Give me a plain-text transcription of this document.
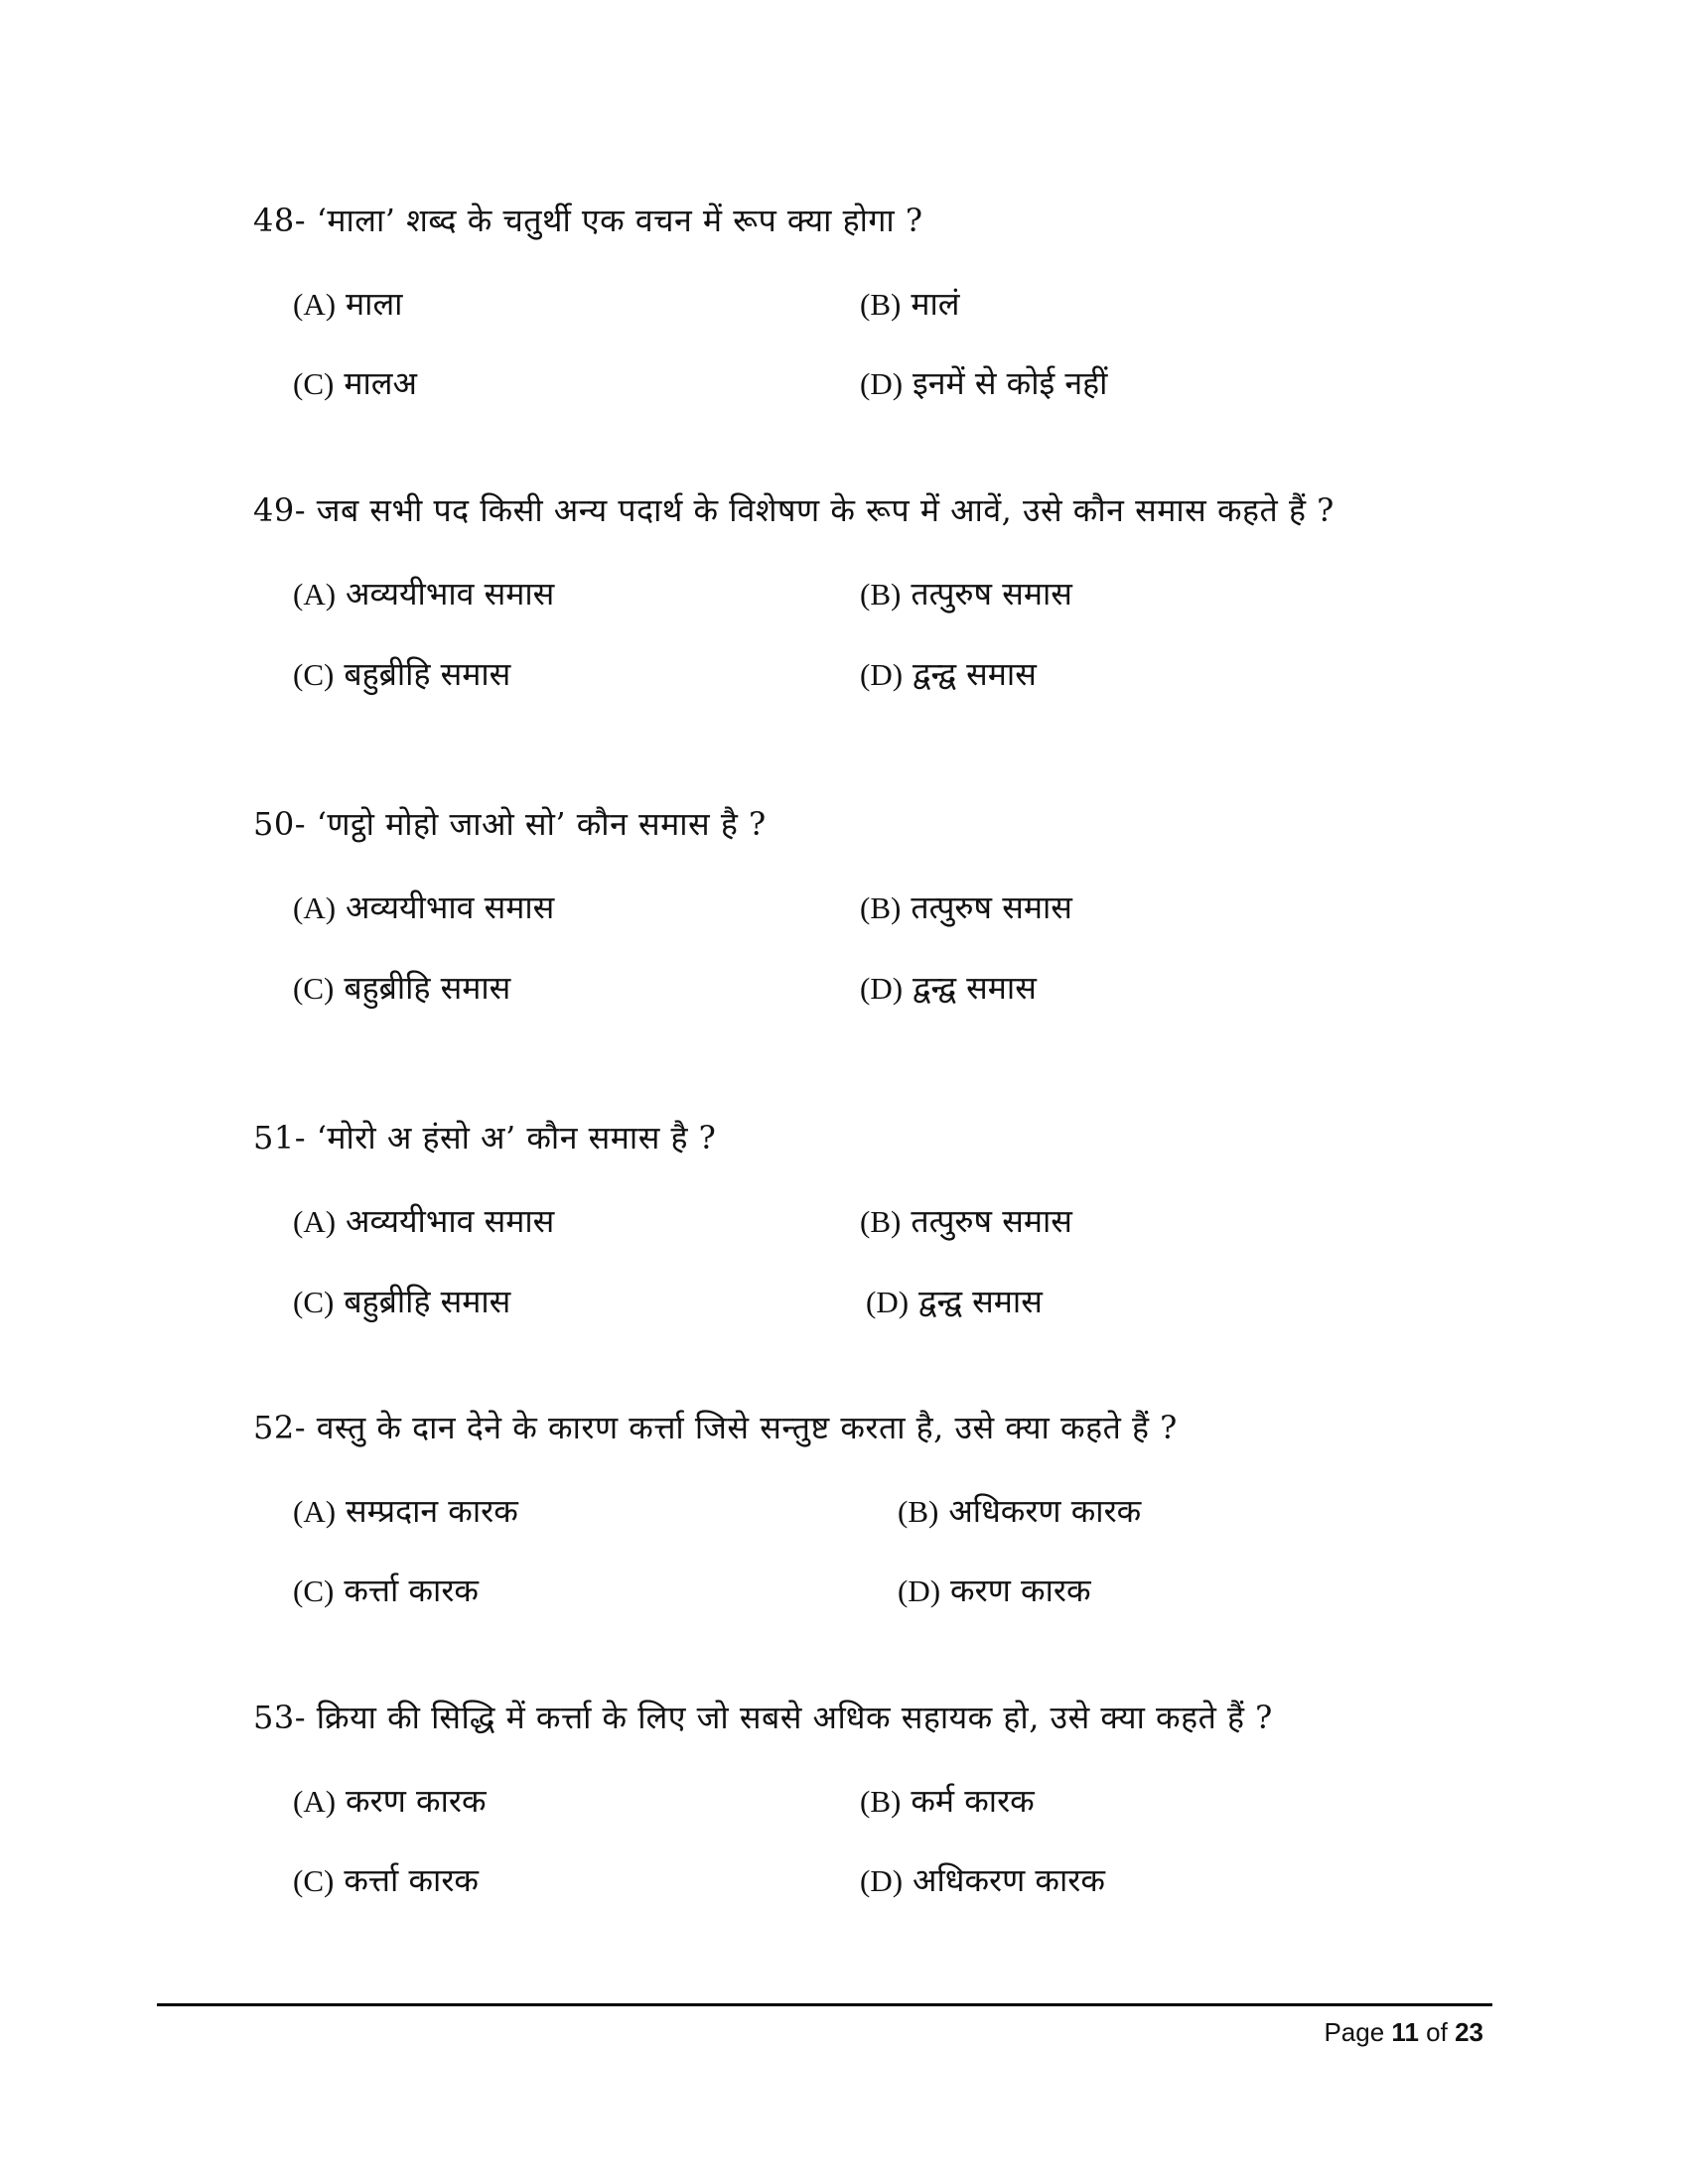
48- ‘माला’ शब्द के चतुर्थी एक वचन में रूप क्या होगा ?
(A) माला	(B) मालं
(C) मालअ	(D) इनमें से कोई नहीं
49- जब सभी पद किसी अन्य पदार्थ के विशेषण के रूप में आवें, उसे कौन समास कहते हैं ?
(A) अव्ययीभाव समास	(B) तत्पुरुष समास
(C) बहुब्रीहि समास	(D) द्वन्द्व समास
50- ‘णट्ठो मोहो जाओ सो’ कौन समास है ?
(A) अव्ययीभाव समास	(B) तत्पुरुष समास
(C) बहुब्रीहि समास	(D) द्वन्द्व समास
51- ‘मोरो अ हंसो अ’ कौन समास है ?
(A) अव्ययीभाव समास	(B) तत्पुरुष समास
(C) बहुब्रीहि समास	(D) द्वन्द्व समास
52- वस्तु के दान देने के कारण कर्त्ता जिसे सन्तुष्ट करता है, उसे क्या कहते हैं ?
(A) सम्प्रदान कारक	(B) अधिकरण कारक
(C) कर्त्ता कारक	(D) करण कारक
53- क्रिया की सिद्धि में कर्त्ता के लिए जो सबसे अधिक सहायक हो, उसे क्या कहते हैं ?
(A) करण कारक	(B) कर्म कारक
(C) कर्त्ता कारक	(D) अधिकरण कारक
Page 11 of 23
